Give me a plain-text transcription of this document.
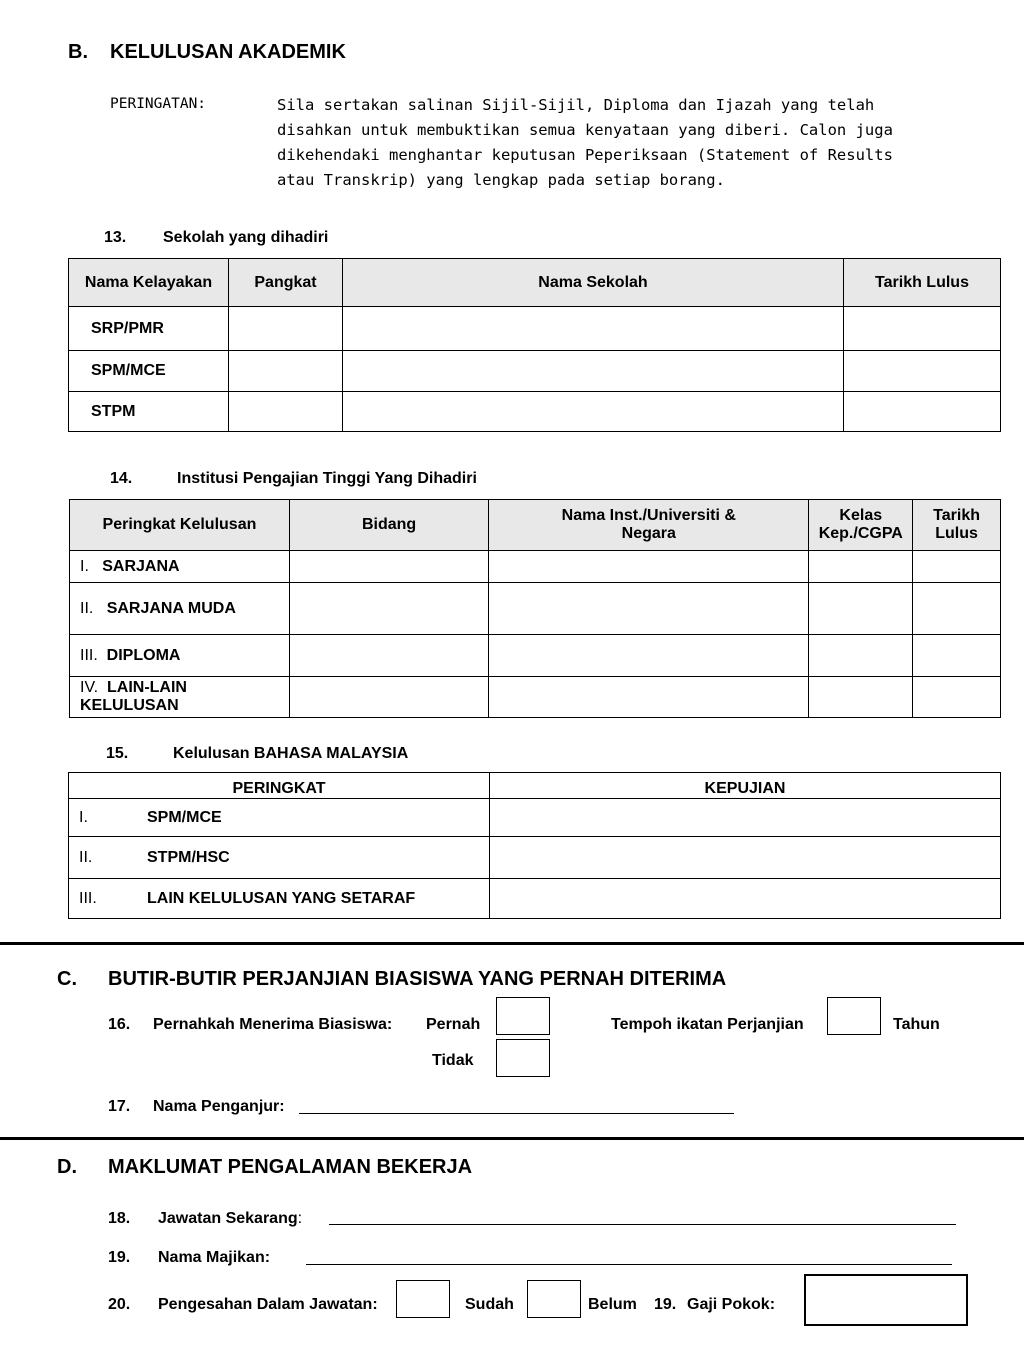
B. KELULUSAN AKADEMIK
PERINGATAN:	Sila sertakan salinan Sijil-Sijil, Diploma dan Ijazah yang telah
disahkan untuk membuktikan semua kenyataan yang diberi. Calon juga
dikehendaki menghantar keputusan Peperiksaan (Statement of Results
atau Transkrip) yang lengkap pada setiap borang.
13. Sekolah yang dihadiri
Nama Kelayakan	Pangkat	Nama Sekolah	Tarikh Lulus
SRP/PMR			
SPM/MCE			
STPM			
14.	Institusi Pengajian Tinggi Yang Dihadiri
Peringkat Kelulusan	Bidang	Nama Inst./Universiti & Negara	Kelas Kep./CGPA	Tarikh Lulus
I. SARJANA				
II. SARJANA MUDA				
III. DIPLOMA				
IV. LAIN-LAIN KELULUSAN				
15.	Kelulusan BAHASA MALAYSIA
PERINGKAT	KEPUJIAN
I. SPM/MCE	
II. STPM/HSC	
III. LAIN KELULUSAN YANG SETARAF	
C. BUTIR-BUTIR PERJANJIAN BIASISWA YANG PERNAH DITERIMA
16. Pernahkah Menerima Biasiswa: Pernah	Tempoh ikatan Perjanjian	Tahun
Tidak
17. Nama Penganjur:
D. MAKLUMAT PENGALAMAN BEKERJA
18. Jawatan Sekarang:
19. Nama Majikan:
20. Pengesahan Dalam Jawatan:	Sudah	Belum 19. Gaji Pokok:
